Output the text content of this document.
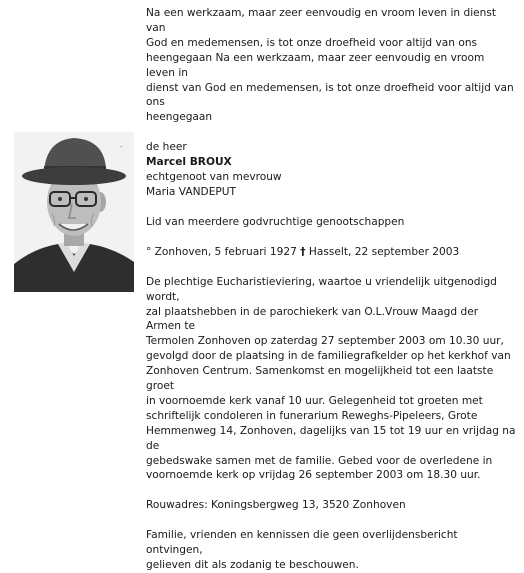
-

Na een werkzaam, maar zeer eenvoudig en vroom leven in dienst van

God en medemensen, is tot onze droefheid voor altijd van ons

heengegaan Na een werkzaam, maar zeer eenvoudig en vroom leven in

dienst van God en medemensen, is tot onze droefheid voor altijd van ons

heengegaan

de heer

Marcel BROUX

echtgenoot van mevrouw

Maria VANDEPUT

Lid van meerdere godvruchtige genootschappen

° Zonhoven, 5 februari 1927 † Hasselt, 22 september 2003

De plechtige Eucharistieviering, waartoe u vriendelijk uitgenodigd wordt,

zal plaatshebben in de parochiekerk van O.L.Vrouw Maagd der Armen te

Termolen Zonhoven op zaterdag 27 september 2003 om 10.30 uur,

gevolgd door de plaatsing in de familiegrafkelder op het kerkhof van

Zonhoven Centrum. Samenkomst en mogelijkheid tot een laatste groet

in voornoemde kerk vanaf 10 uur. Gelegenheid tot groeten met

schriftelijk condoleren in funerarium Reweghs-Pipeleers, Grote

Hemmenweg 14, Zonhoven, dagelijks van 15 tot 19 uur en vrijdag na de

gebedswake samen met de familie. Gebed voor de overledene in

voornoemde kerk op vrijdag 26 september 2003 om 18.30 uur.

Rouwadres: Koningsbergweg 13, 3520 Zonhoven

Familie, vrienden en kennissen die geen overlijdensbericht ontvingen,

gelieven dit als zodanig te beschouwen.
